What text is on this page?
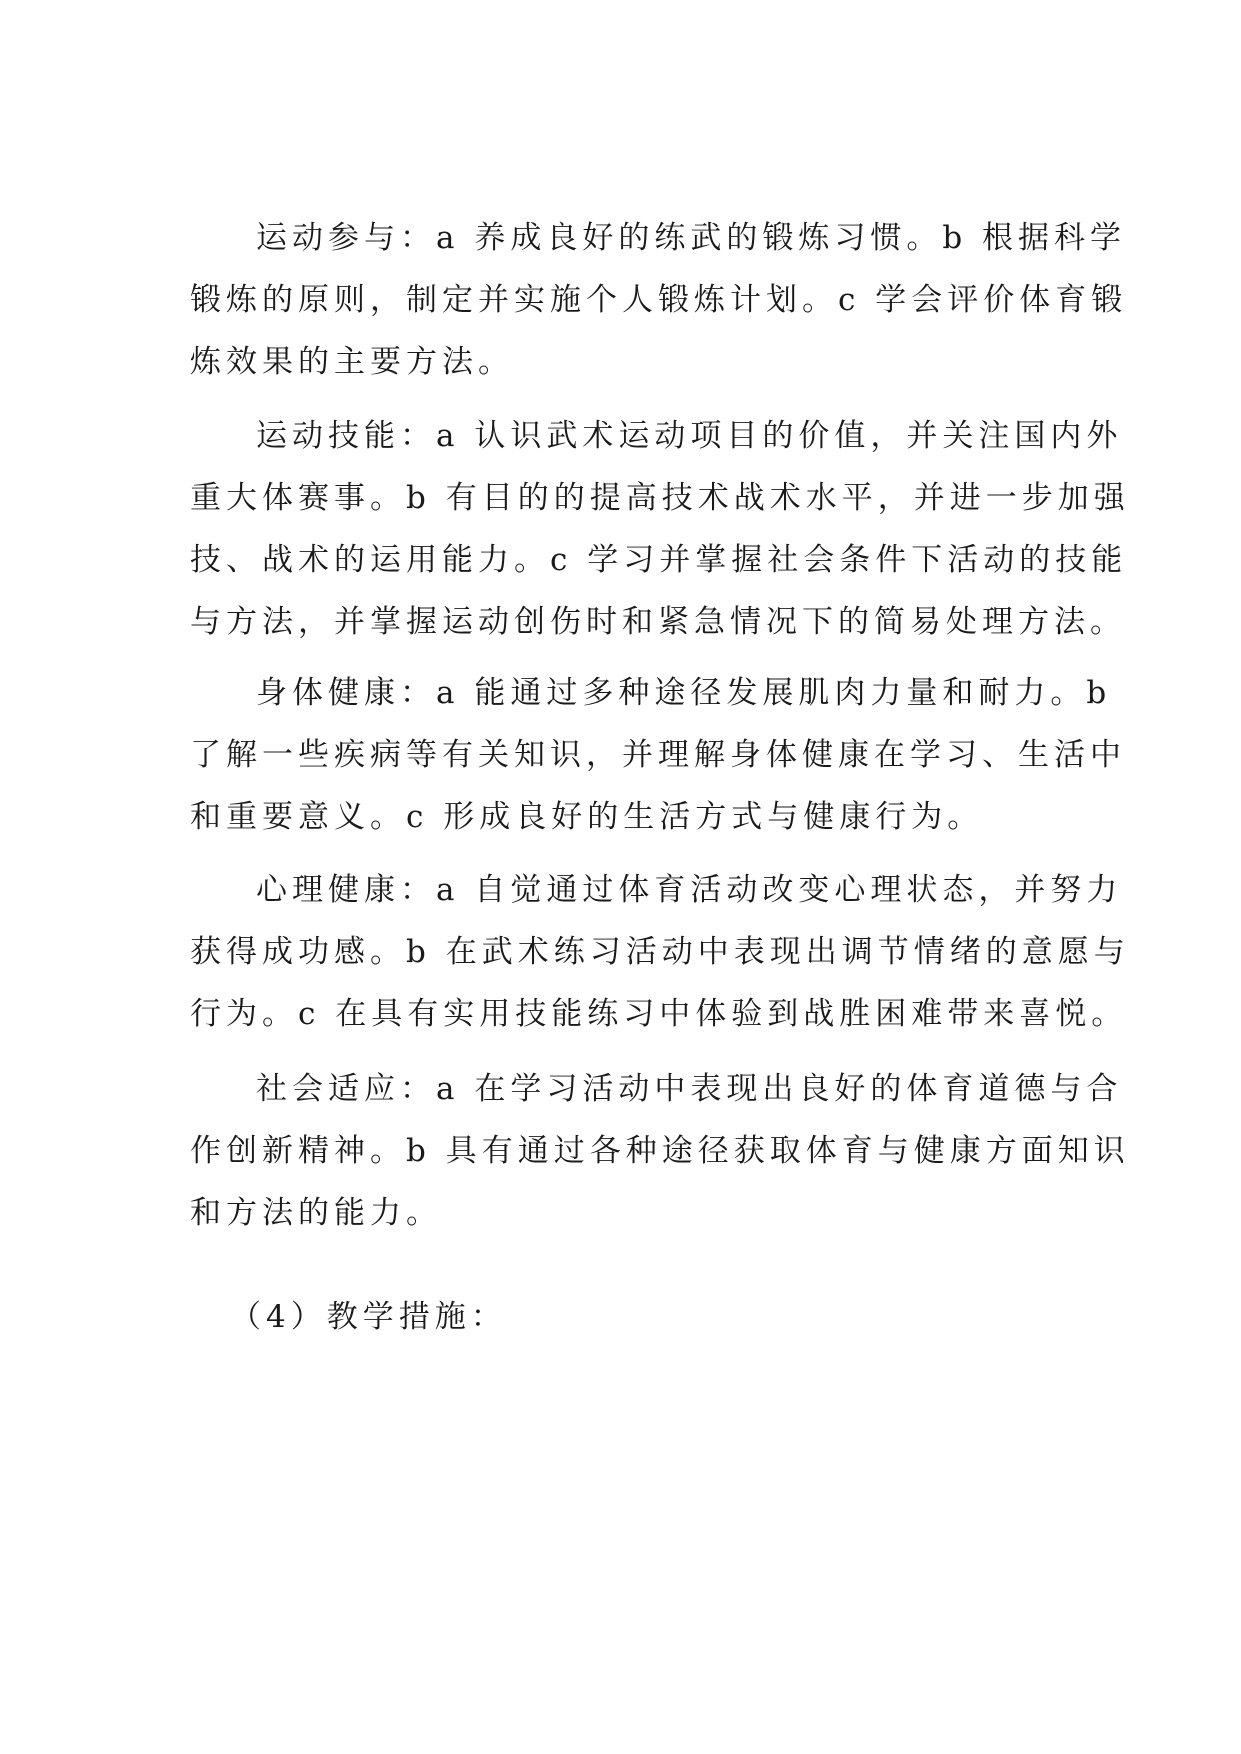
运动参与：a 养成良好的练武的锻炼习惯。b 根据科学
锻炼的原则，制定并实施个人锻炼计划。c 学会评价体育锻
炼效果的主要方法。

运动技能：a 认识武术运动项目的价值，并关注国内外
重大体赛事。b 有目的的提高技术战术水平，并进一步加强
技、战术的运用能力。c 学习并掌握社会条件下活动的技能
与方法，并掌握运动创伤时和紧急情况下的简易处理方法。

身体健康：a 能通过多种途径发展肌肉力量和耐力。b
了解一些疾病等有关知识，并理解身体健康在学习、生活中
和重要意义。c 形成良好的生活方式与健康行为。

心理健康：a 自觉通过体育活动改变心理状态，并努力
获得成功感。b 在武术练习活动中表现出调节情绪的意愿与
行为。c 在具有实用技能练习中体验到战胜困难带来喜悦。

社会适应：a 在学习活动中表现出良好的体育道德与合
作创新精神。b 具有通过各种途径获取体育与健康方面知识
和方法的能力。

（4）教学措施：
